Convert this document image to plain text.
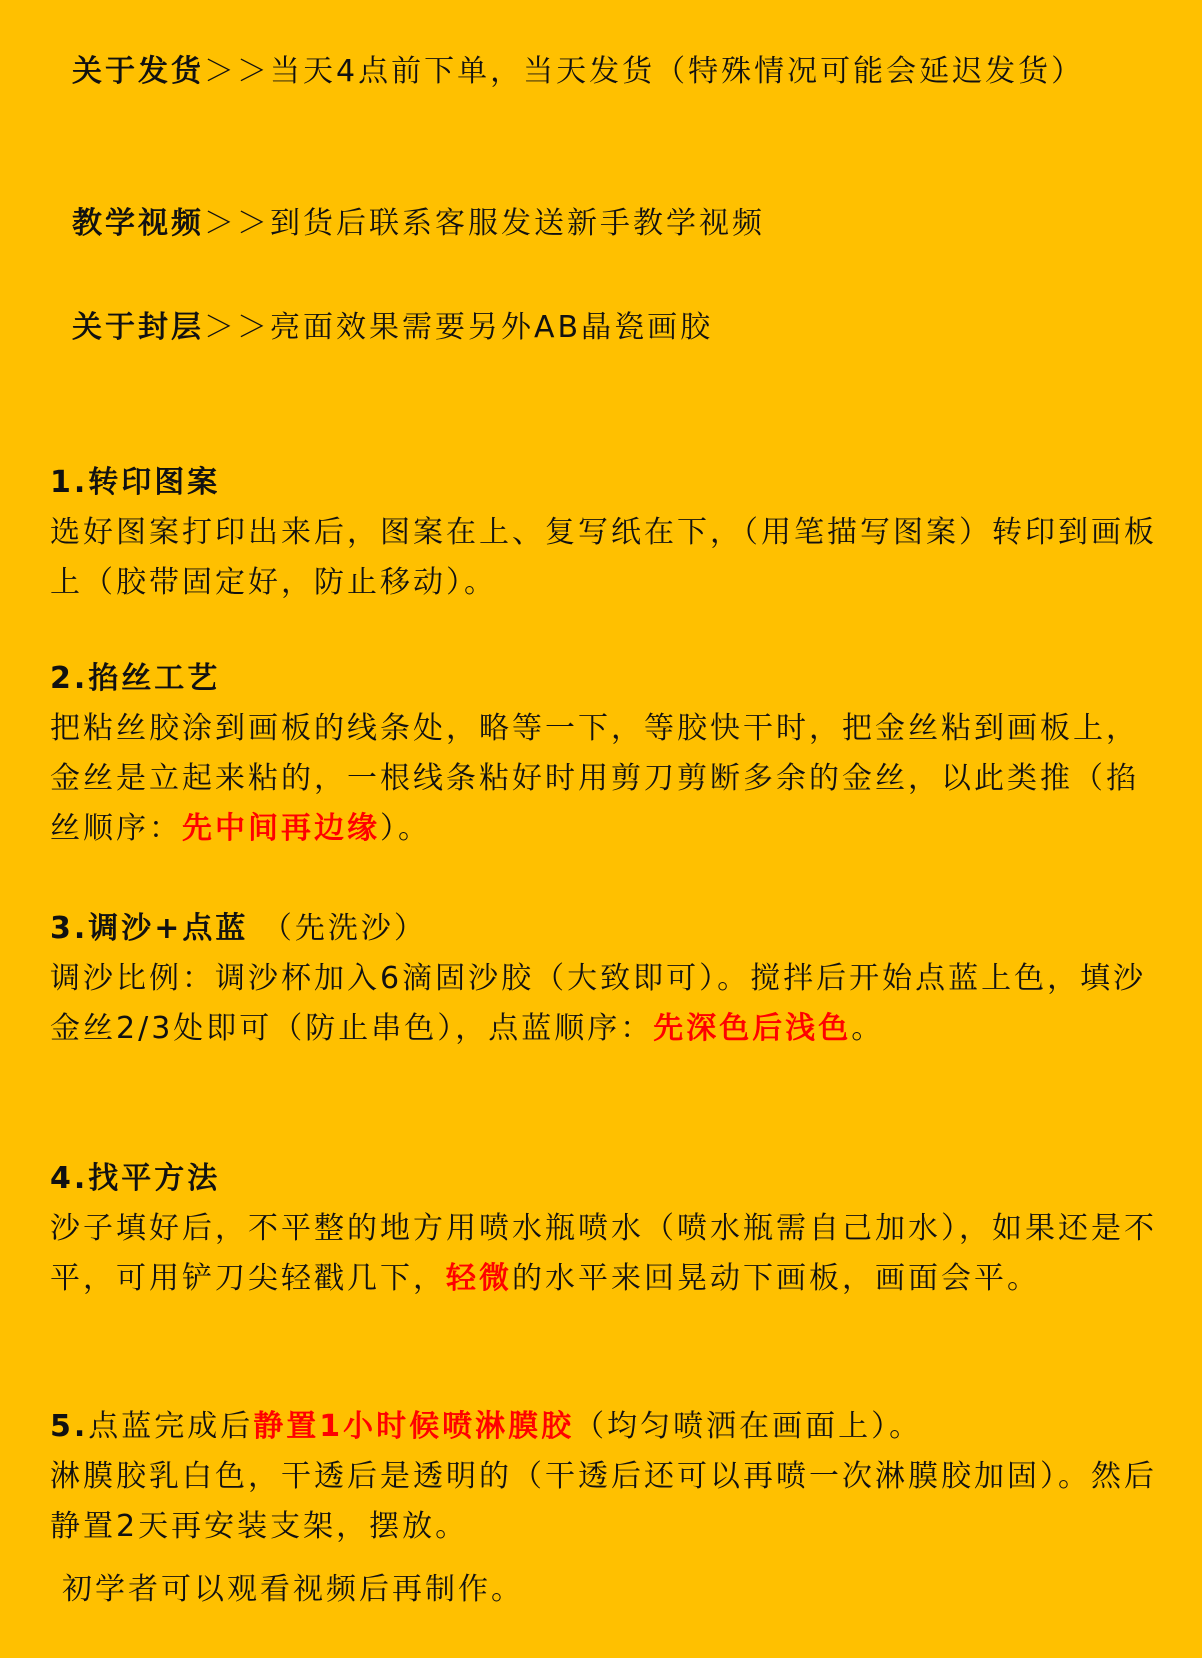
关于发货＞＞当天4点前下单，当天发货（特殊情况可能会延迟发货）
教学视频＞＞到货后联系客服发送新手教学视频
关于封层＞＞亮面效果需要另外AB晶瓷画胶
1.转印图案
选好图案打印出来后，图案在上、复写纸在下，（用笔描写图案）转印到画板上（胶带固定好，防止移动）。
2.掐丝工艺
把粘丝胶涂到画板的线条处，略等一下，等胶快干时，把金丝粘到画板上，金丝是立起来粘的，一根线条粘好时用剪刀剪断多余的金丝，以此类推（掐丝顺序：先中间再边缘）。
3.调沙+点蓝 （先洗沙）
调沙比例：调沙杯加入6滴固沙胶（大致即可）。搅拌后开始点蓝上色，填沙金丝2/3处即可（防止串色），点蓝顺序：先深色后浅色。
4.找平方法
沙子填好后，不平整的地方用喷水瓶喷水（喷水瓶需自己加水），如果还是不平，可用铲刀尖轻戳几下，轻微的水平来回晃动下画板，画面会平。
5.点蓝完成后静置1小时候喷淋膜胶（均匀喷洒在画面上）。
淋膜胶乳白色，干透后是透明的（干透后还可以再喷一次淋膜胶加固）。然后静置2天再安装支架，摆放。
初学者可以观看视频后再制作。
